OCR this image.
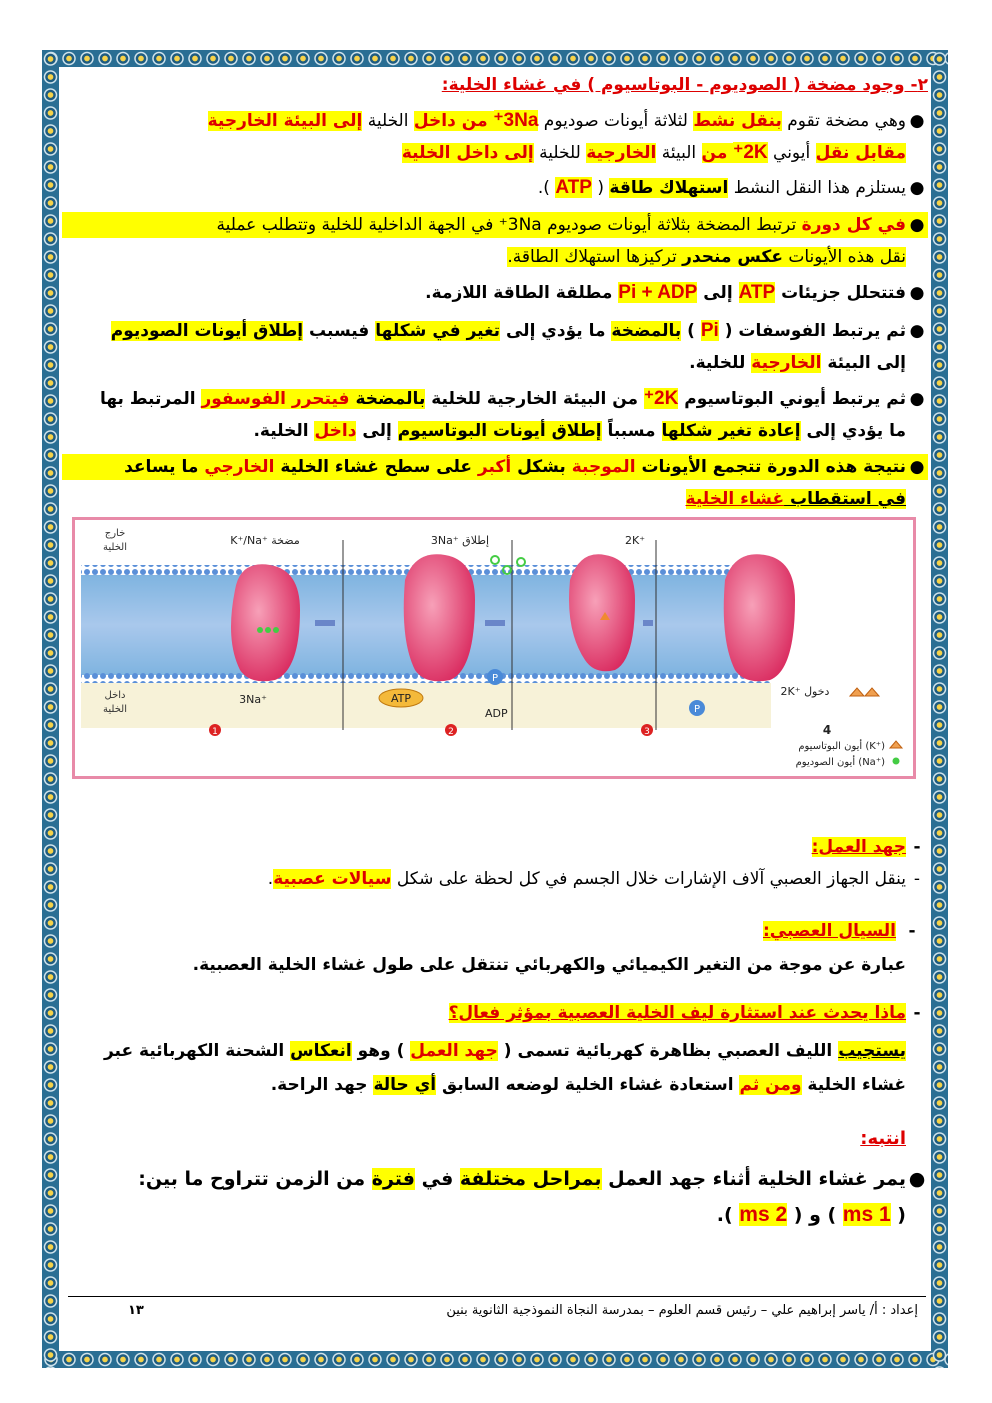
٢- وجود مضخة ( الصوديوم - البوتاسيوم ) في غشاء الخلية:
●وهي مضخة تقوم بنقل نشط لثلاثة أيونات صوديوم 3Na⁺ من داخل الخلية إلى البيئة الخارجية
مقابل نقل أيوني 2K⁺ من البيئة الخارجية للخلية إلى داخل الخلية
●يستلزم هذا النقل النشط استهلاك طاقة ( ATP ).
●في كل دورة ترتبط المضخة بثلاثة أيونات صوديوم 3Na⁺ في الجهة الداخلية للخلية وتتطلب عملية
نقل هذه الأيونات عكس منحدر تركيزها استهلاك الطاقة.
●فتتحلل جزيئات ATP إلى Pi + ADP مطلقة الطاقة اللازمة.
●ثم يرتبط الفوسفات ( Pi ) بالمضخة ما يؤدي إلى تغير في شكلها فيسبب إطلاق أيونات الصوديوم
إلى البيئة الخارجية للخلية.
●ثم يرتبط أيوني البوتاسيوم 2K⁺ من البيئة الخارجية للخلية بالمضخة فيتحرر الفوسفور المرتبط بها
ما يؤدي إلى إعادة تغير شكلها مسبباً إطلاق أيونات البوتاسيوم إلى داخل الخلية.
●نتيجة هذه الدورة تتجمع الأيونات الموجبة بشكل أكبر على سطح غشاء الخلية الخارجي ما يساعد
في استقطاب غشاء الخلية
-جهد العمل:
-ينقل الجهاز العصبي آلاف الإشارات خلال الجسم في كل لحظة على شكل سيالات عصبية.
-السيال العصبي:
عبارة عن موجة من التغير الكيميائي والكهربائي تنتقل على طول غشاء الخلية العصبية.
-ماذا يحدث عند استثارة ليف الخلية العصبية بمؤثر فعال؟
يستجيب الليف العصبي بظاهرة كهربائية تسمى ( جهد العمل ) وهو انعكاس الشحنة الكهربائية عبر
غشاء الخلية ومن ثم استعادة غشاء الخلية لوضعه السابق أي حالة جهد الراحة.
انتبه:
●يمر غشاء الخلية أثناء جهد العمل بمراحل مختلفة في فترة من الزمن تتراوح ما بين:
( 1 ms ) و ( 2 ms ).
خارج
الخلية
داخل
الخلية
K⁺/Na⁺ مضخة
3Na⁺
3Na⁺ إطلاق
ATP
P
ADP
2K⁺
P
2K⁺ دخول
1	2	3	4
أيون البوتاسيوم (K⁺)
أيون الصوديوم (Na⁺)
إعداد : أ/ ياسر إبراهيم علي – رئيس قسم العلوم – بمدرسة النجاة النموذجية الثانوية بنين
١٣
